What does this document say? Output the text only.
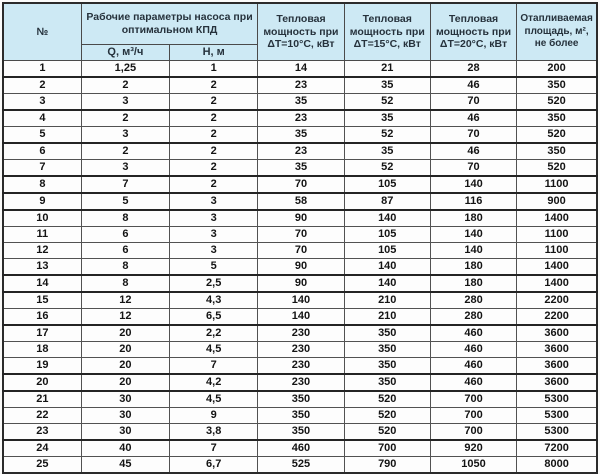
№	Рабочие параметры насоса при оптимальном КПД		Тепловая мощность при ΔТ=10°С, кВт	Тепловая мощность при ΔТ=15°С, кВт	Тепловая мощность при ΔТ=20°С, кВт	Отапливаемая площадь, м², не более
	Q, м³/ч	Н, м				
1	1,25	1	14	21	28	200
2	2	2	23	35	46	350
3	3	2	35	52	70	520
4	2	2	23	35	46	350
5	3	2	35	52	70	520
6	2	2	23	35	46	350
7	3	2	35	52	70	520
8	7	2	70	105	140	1100
9	5	3	58	87	116	900
10	8	3	90	140	180	1400
11	6	3	70	105	140	1100
12	6	3	70	105	140	1100
13	8	5	90	140	180	1400
14	8	2,5	90	140	180	1400
15	12	4,3	140	210	280	2200
16	12	6,5	140	210	280	2200
17	20	2,2	230	350	460	3600
18	20	4,5	230	350	460	3600
19	20	7	230	350	460	3600
20	20	4,2	230	350	460	3600
21	30	4,5	350	520	700	5300
22	30	9	350	520	700	5300
23	30	3,8	350	520	700	5300
24	40	7	460	700	920	7200
25	45	6,7	525	790	1050	8000
